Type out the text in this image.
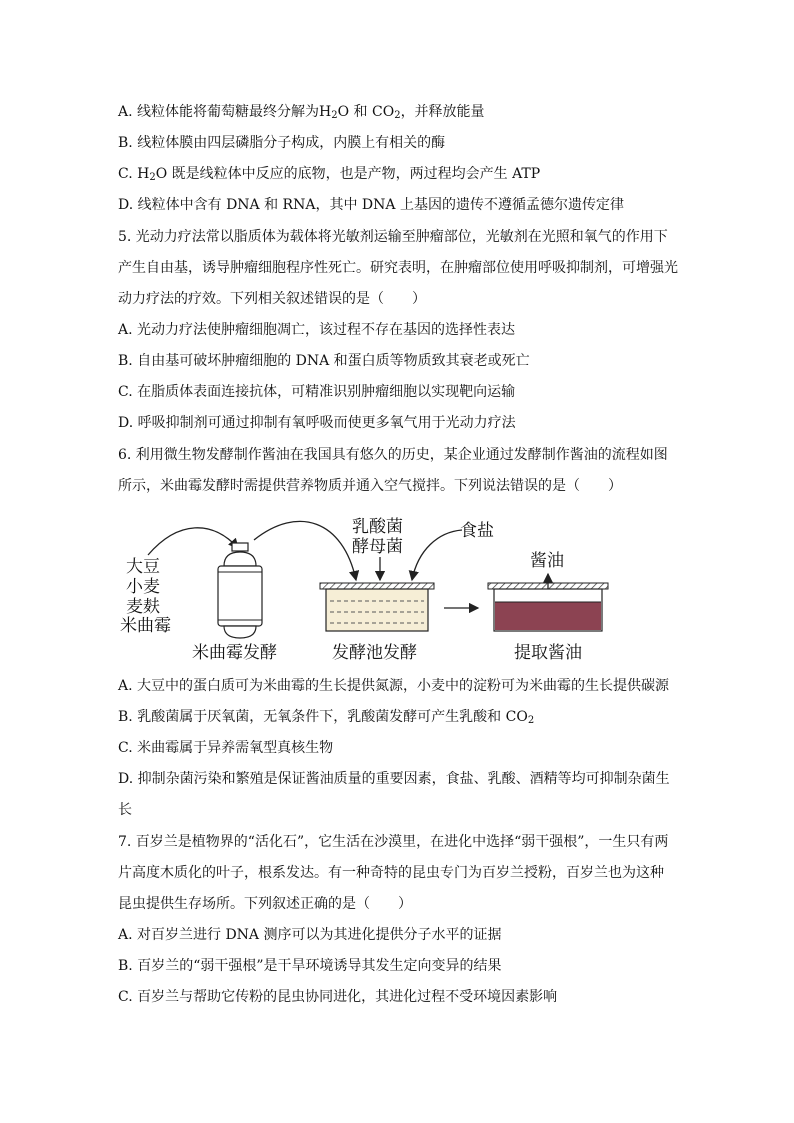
A. 线粒体能将葡萄糖最终分解为$H_2O$ 和 $CO_2$，并释放能量
B. 线粒体膜由四层磷脂分子构成，内膜上有相关的酶
C. $H_2O$ 既是线粒体中反应的底物，也是产物，两过程均会产生 ATP
D. 线粒体中含有 DNA 和 RNA，其中 DNA 上基因的遗传不遵循孟德尔遗传定律
5. 光动力疗法常以脂质体为载体将光敏剂运输至肿瘤部位，光敏剂在光照和氧气的作用下
产生自由基，诱导肿瘤细胞程序性死亡。研究表明，在肿瘤部位使用呼吸抑制剂，可增强光
动力疗法的疗效。下列相关叙述错误的是（　　）
A. 光动力疗法使肿瘤细胞凋亡，该过程不存在基因的选择性表达
B. 自由基可破坏肿瘤细胞的 DNA 和蛋白质等物质致其衰老或死亡
C. 在脂质体表面连接抗体，可精准识别肿瘤细胞以实现靶向运输
D. 呼吸抑制剂可通过抑制有氧呼吸而使更多氧气用于光动力疗法
6. 利用微生物发酵制作酱油在我国具有悠久的历史，某企业通过发酵制作酱油的流程如图
所示，米曲霉发酵时需提供营养物质并通入空气搅拌。下列说法错误的是（　　）
大豆
小麦
麦麸
米曲霉
乳酸菌
酵母菌
食盐
酱油
米曲霉发酵	发酵池发酵	提取酱油
A. 大豆中的蛋白质可为米曲霉的生长提供氮源，小麦中的淀粉可为米曲霉的生长提供碳源
B. 乳酸菌属于厌氧菌，无氧条件下，乳酸菌发酵可产生乳酸和 $CO_2$
C. 米曲霉属于异养需氧型真核生物
D. 抑制杂菌污染和繁殖是保证酱油质量的重要因素，食盐、乳酸、酒精等均可抑制杂菌生
长
7. 百岁兰是植物界的“活化石”，它生活在沙漠里，在进化中选择“弱干强根”，一生只有两
片高度木质化的叶子，根系发达。有一种奇特的昆虫专门为百岁兰授粉，百岁兰也为这种
昆虫提供生存场所。下列叙述正确的是（　　）
A. 对百岁兰进行 DNA 测序可以为其进化提供分子水平的证据
B. 百岁兰的“弱干强根”是干旱环境诱导其发生定向变异的结果
C. 百岁兰与帮助它传粉的昆虫协同进化，其进化过程不受环境因素影响
